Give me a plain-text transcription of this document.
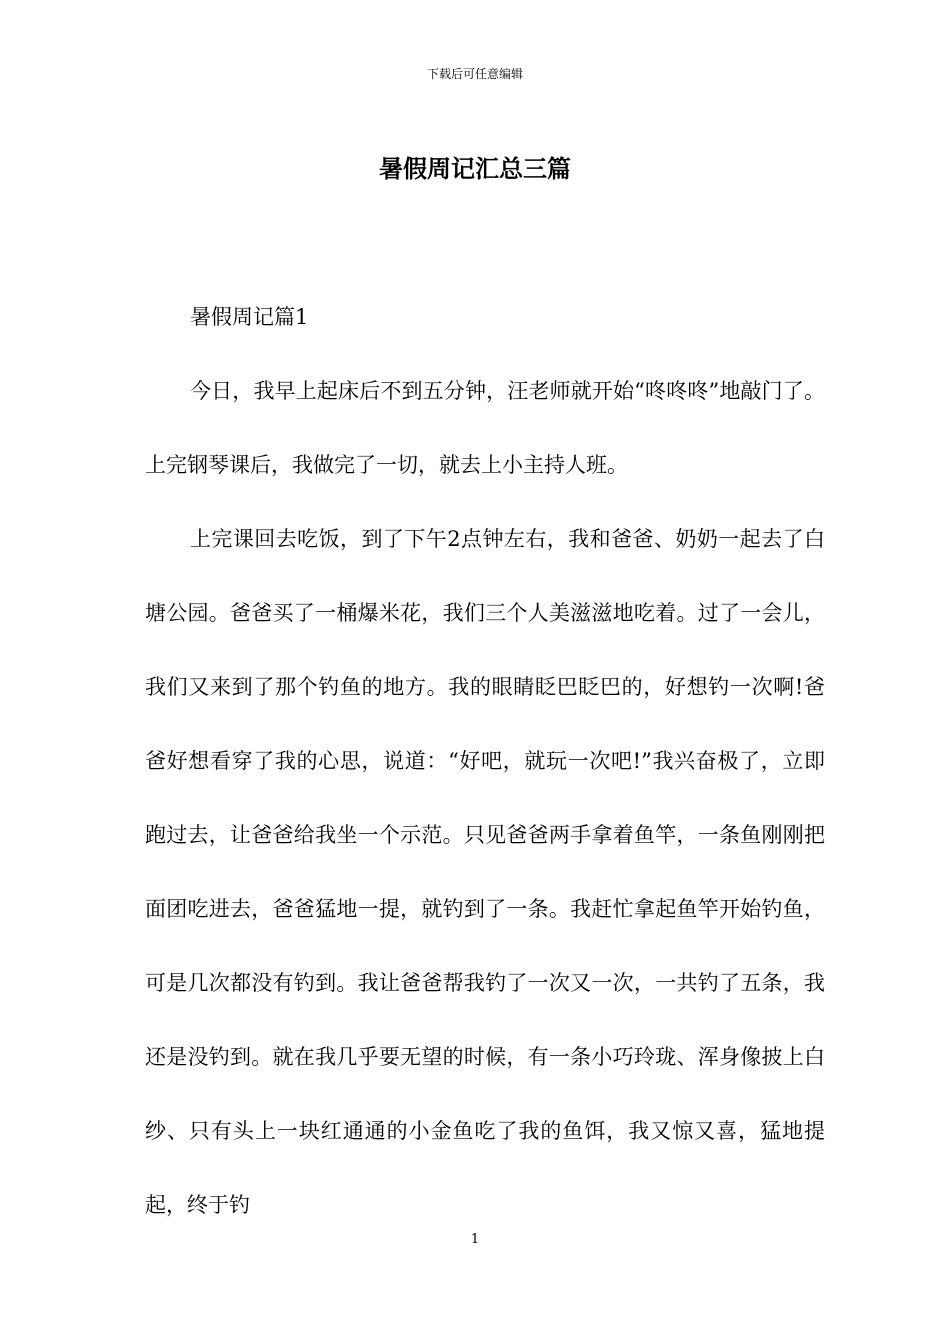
下载后可任意编辑
暑假周记汇总三篇

暑假周记篇1

今日，我早上起床后不到五分钟，汪老师就开始“咚咚咚”地敲门了。上完钢琴课后，我做完了一切，就去上小主持人班。

上完课回去吃饭，到了下午2点钟左右，我和爸爸、奶奶一起去了白塘公园。爸爸买了一桶爆米花，我们三个人美滋滋地吃着。过了一会儿，我们又来到了那个钓鱼的地方。我的眼睛眨巴眨巴的，好想钓一次啊!爸爸好想看穿了我的心思，说道：“好吧，就玩一次吧!”我兴奋极了，立即跑过去，让爸爸给我坐一个示范。只见爸爸两手拿着鱼竿，一条鱼刚刚把面团吃进去，爸爸猛地一提，就钓到了一条。我赶忙拿起鱼竿开始钓鱼，可是几次都没有钓到。我让爸爸帮我钓了一次又一次，一共钓了五条，我还是没钓到。就在我几乎要无望的时候，有一条小巧玲珑、浑身像披上白纱、只有头上一块红通通的小金鱼吃了我的鱼饵，我又惊又喜，猛地提起，终于钓

1
